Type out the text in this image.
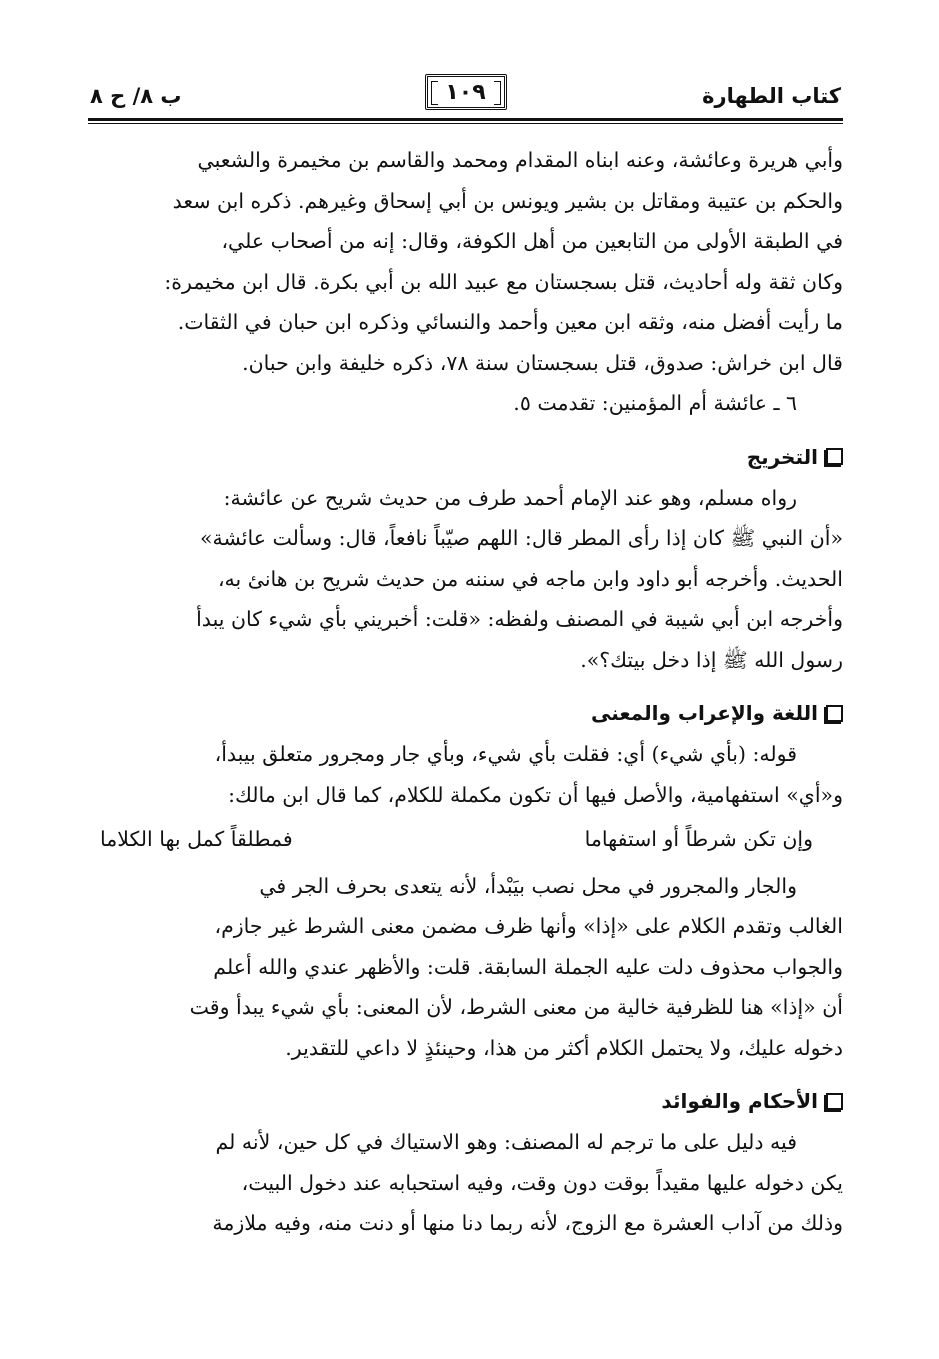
كتاب الطهارة
١٠٩
ب ٨/ ح ٨

وأبي هريرة وعائشة، وعنه ابناه المقدام ومحمد والقاسم بن مخيمرة والشعبي

والحكم بن عتيبة ومقاتل بن بشير ويونس بن أبي إسحاق وغيرهم. ذكره ابن سعد

في الطبقة الأولى من التابعين من أهل الكوفة، وقال: إنه من أصحاب علي،

وكان ثقة وله أحاديث، قتل بسجستان مع عبيد الله بن أبي بكرة. قال ابن مخيمرة:

ما رأيت أفضل منه، وثقه ابن معين وأحمد والنسائي وذكره ابن حبان في الثقات.

قال ابن خراش: صدوق، قتل بسجستان سنة ٧٨، ذكره خليفة وابن حبان.

٦ ـ عائشة أم المؤمنين: تقدمت ٥.

التخريج

رواه مسلم، وهو عند الإمام أحمد طرف من حديث شريح عن عائشة:

«أن النبي ﷺ كان إذا رأى المطر قال: اللهم صيّباً نافعاً، قال: وسألت عائشة»

الحديث. وأخرجه أبو داود وابن ماجه في سننه من حديث شريح بن هانئ به،

وأخرجه ابن أبي شيبة في المصنف ولفظه: «قلت: أخبريني بأي شيء كان يبدأ

رسول الله ﷺ إذا دخل بيتك؟».

اللغة والإعراب والمعنى

قوله: (بأي شيء) أي: فقلت بأي شيء، وبأي جار ومجرور متعلق بيبدأ،

و«أي» استفهامية، والأصل فيها أن تكون مكملة للكلام، كما قال ابن مالك:

وإن تكن شرطاً أو استفهاما
فمطلقاً كمل بها الكلاما

والجار والمجرور في محل نصب بيَبْدأ، لأنه يتعدى بحرف الجر في

الغالب وتقدم الكلام على «إذا» وأنها ظرف مضمن معنى الشرط غير جازم،

والجواب محذوف دلت عليه الجملة السابقة. قلت: والأظهر عندي والله أعلم

أن «إذا» هنا للظرفية خالية من معنى الشرط، لأن المعنى: بأي شيء يبدأ وقت

دخوله عليك، ولا يحتمل الكلام أكثر من هذا، وحينئذٍ لا داعي للتقدير.

الأحكام والفوائد

فيه دليل على ما ترجم له المصنف: وهو الاستياك في كل حين، لأنه لم

يكن دخوله عليها مقيداً بوقت دون وقت، وفيه استحبابه عند دخول البيت،

وذلك من آداب العشرة مع الزوج، لأنه ربما دنا منها أو دنت منه، وفيه ملازمة
